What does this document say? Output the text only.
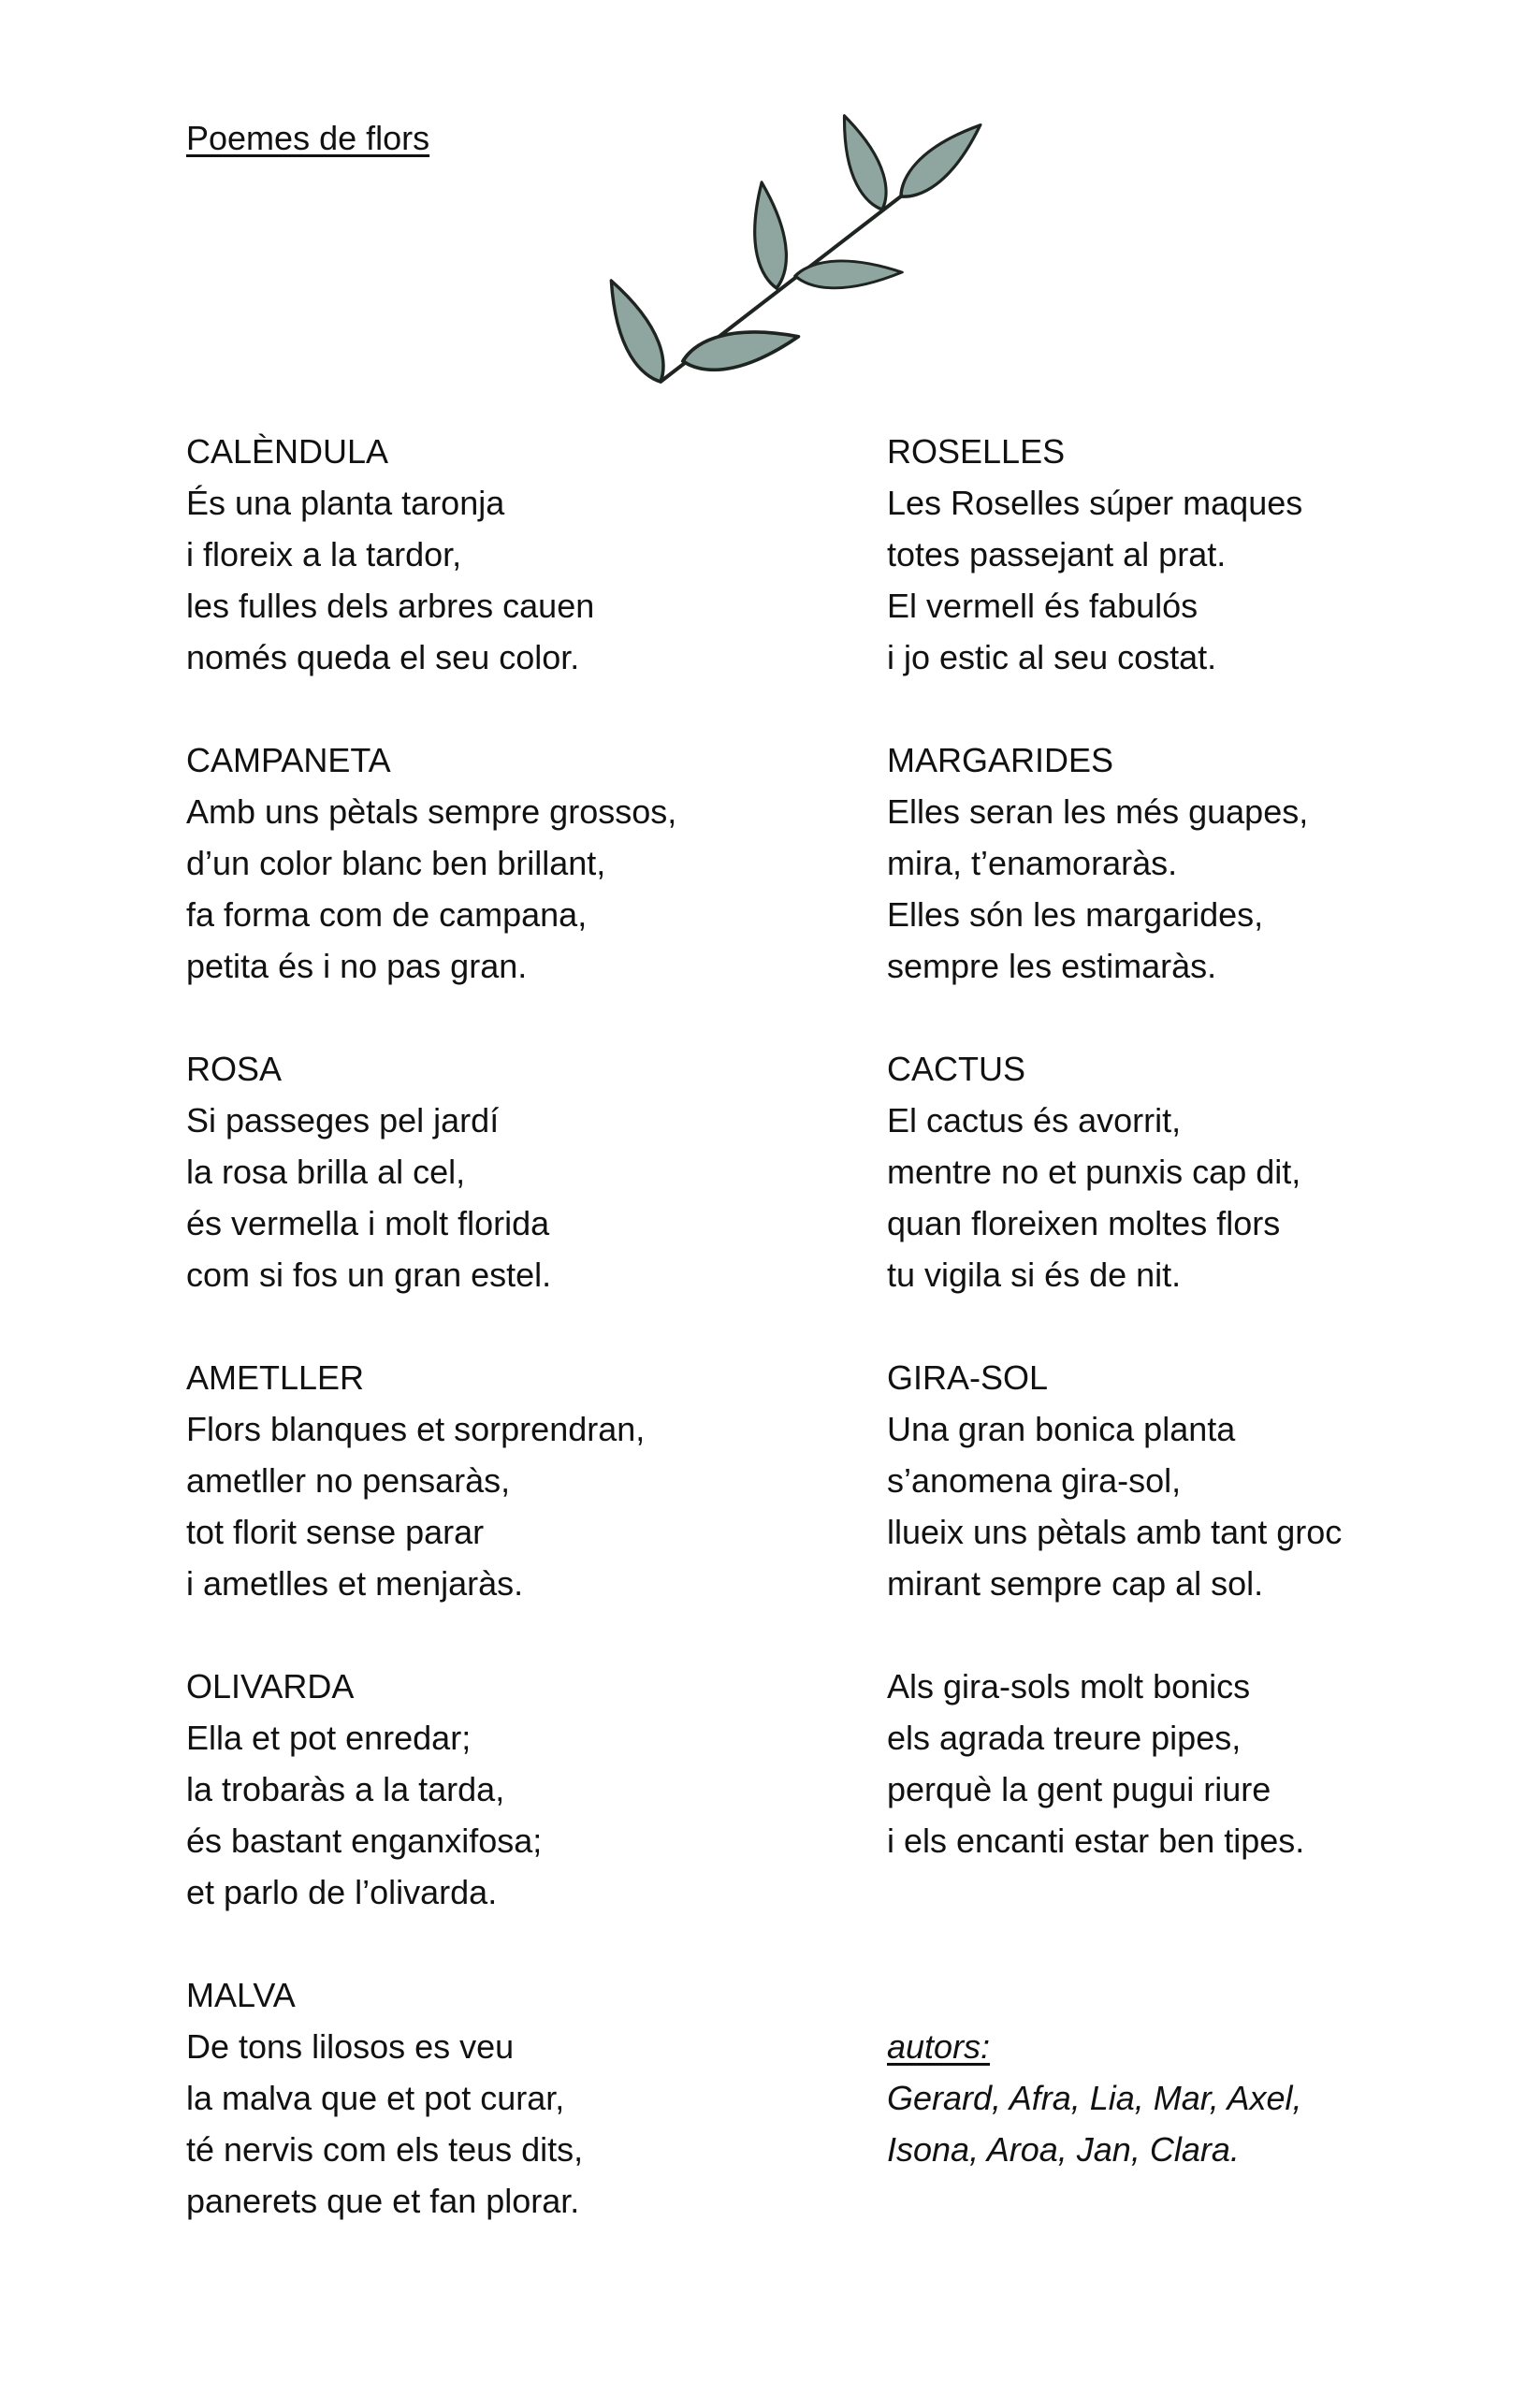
Poemes de flors
CALÈNDULA
És una planta taronja
i floreix a la tardor,
les fulles dels arbres cauen
només queda el seu color.
CAMPANETA
Amb uns pètals sempre grossos,
d’un color blanc ben brillant,
fa forma com de campana,
petita és i no pas gran.
ROSA
Si passeges pel jardí
la rosa brilla al cel,
és vermella i molt florida
com si fos un gran estel.
AMETLLER
Flors blanques et sorprendran,
ametller no pensaràs,
tot florit sense parar
i ametlles et menjaràs.
OLIVARDA
Ella et pot enredar;
la trobaràs a la tarda,
és bastant enganxifosa;
et parlo de l’olivarda.
MALVA
De tons lilosos es veu
la malva que et pot curar,
té nervis com els teus dits,
panerets que et fan plorar.
ROSELLES
Les Roselles súper maques
totes passejant al prat.
El vermell és fabulós
i jo estic al seu costat.
MARGARIDES
Elles seran les més guapes,
mira, t’enamoraràs.
Elles són les margarides,
sempre les estimaràs.
CACTUS
El cactus és avorrit,
mentre no et punxis cap dit,
quan floreixen moltes flors
tu vigila si és de nit.
GIRA-SOL
Una gran bonica planta
s’anomena gira-sol,
llueix uns pètals amb tant groc
mirant sempre cap al sol.
Als gira-sols molt bonics
els agrada treure pipes,
perquè la gent pugui riure
i els encanti estar ben tipes.
autors:
Gerard, Afra, Lia, Mar, Axel,
Isona, Aroa, Jan, Clara.
